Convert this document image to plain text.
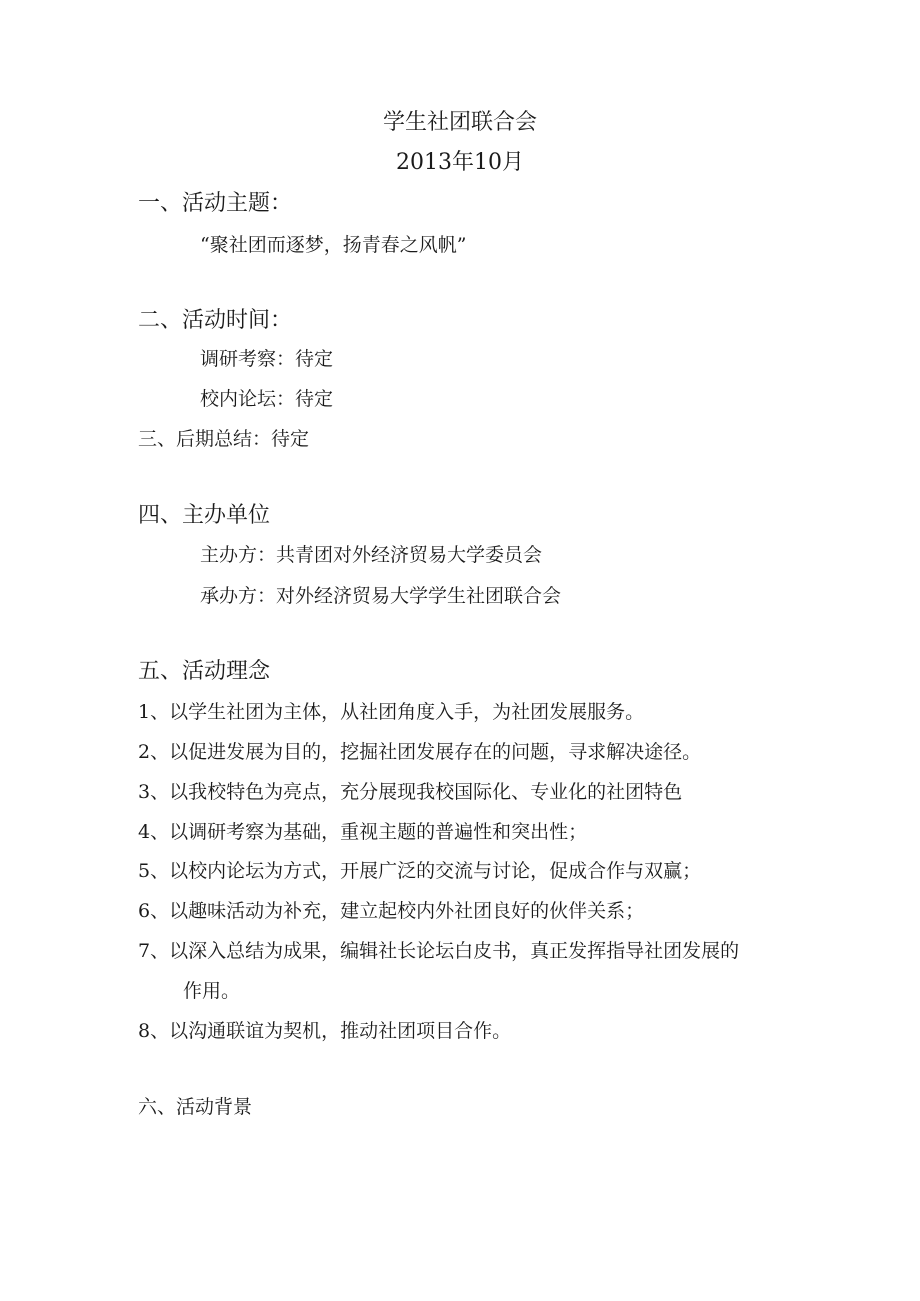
学生社团联合会
2013年10月
一、活动主题：
“聚社团而逐梦，扬青春之风帆”
二、活动时间：
调研考察：待定
校内论坛：待定
三、后期总结：待定
四、主办单位
主办方：共青团对外经济贸易大学委员会
承办方：对外经济贸易大学学生社团联合会
五、活动理念
1、以学生社团为主体，从社团角度入手，为社团发展服务。
2、以促进发展为目的，挖掘社团发展存在的问题，寻求解决途径。
3、以我校特色为亮点，充分展现我校国际化、专业化的社团特色
4、以调研考察为基础，重视主题的普遍性和突出性；
5、以校内论坛为方式，开展广泛的交流与讨论，促成合作与双赢；
6、以趣味活动为补充，建立起校内外社团良好的伙伴关系；
7、以深入总结为成果，编辑社长论坛白皮书，真正发挥指导社团发展的
作用。
8、以沟通联谊为契机，推动社团项目合作。
六、活动背景
